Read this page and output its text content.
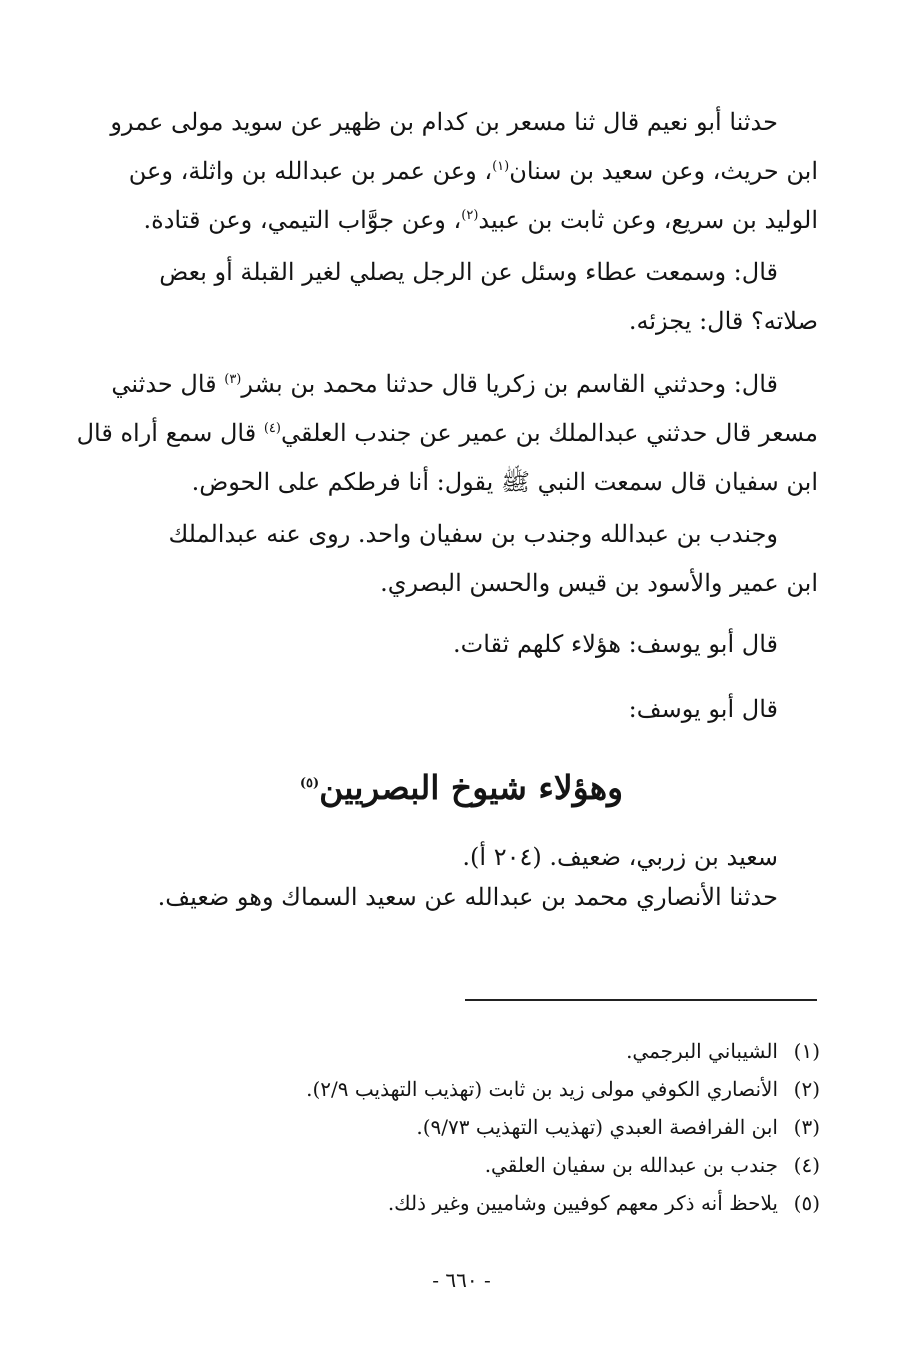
حدثنا أبو نعيم قال ثنا مسعر بن كدام بن ظهير عن سويد مولى عمرو
ابن حريث، وعن سعيد بن سنان$^{(١)}$، وعن عمر بن عبدالله بن واثلة، وعن
الوليد بن سريع، وعن ثابت بن عبيد$^{(٢)}$، وعن جوَّاب التيمي، وعن قتادة.
قال: وسمعت عطاء وسئل عن الرجل يصلي لغير القبلة أو بعض
صلاته؟ قال: يجزئه.
قال: وحدثني القاسم بن زكريا قال حدثنا محمد بن بشر$^{(٣)}$ قال حدثني
مسعر قال حدثني عبدالملك بن عمير عن جندب العلقي$^{(٤)}$ قال سمع أراه قال
ابن سفيان قال سمعت النبي ﷺ يقول: أنا فرطكم على الحوض.
وجندب بن عبدالله وجندب بن سفيان واحد. روى عنه عبدالملك
ابن عمير والأسود بن قيس والحسن البصري.
قال أبو يوسف: هؤلاء كلهم ثقات.
قال أبو يوسف:
وهؤلاء شيوخ البصريين$^{(٥)}$
سعيد بن زربي، ضعيف. (٢٠٤ أ).
حدثنا الأنصاري محمد بن عبدالله عن سعيد السماك وهو ضعيف.
(١)الشيباني البرجمي.
(٢)الأنصاري الكوفي مولى زيد بن ثابت (تهذيب التهذيب ٢/٩).
(٣)ابن الفرافصة العبدي (تهذيب التهذيب ٩/٧٣).
(٤)جندب بن عبدالله بن سفيان العلقي.
(٥)يلاحظ أنه ذكر معهم كوفيين وشاميين وغير ذلك.
- ٦٦٠ -
